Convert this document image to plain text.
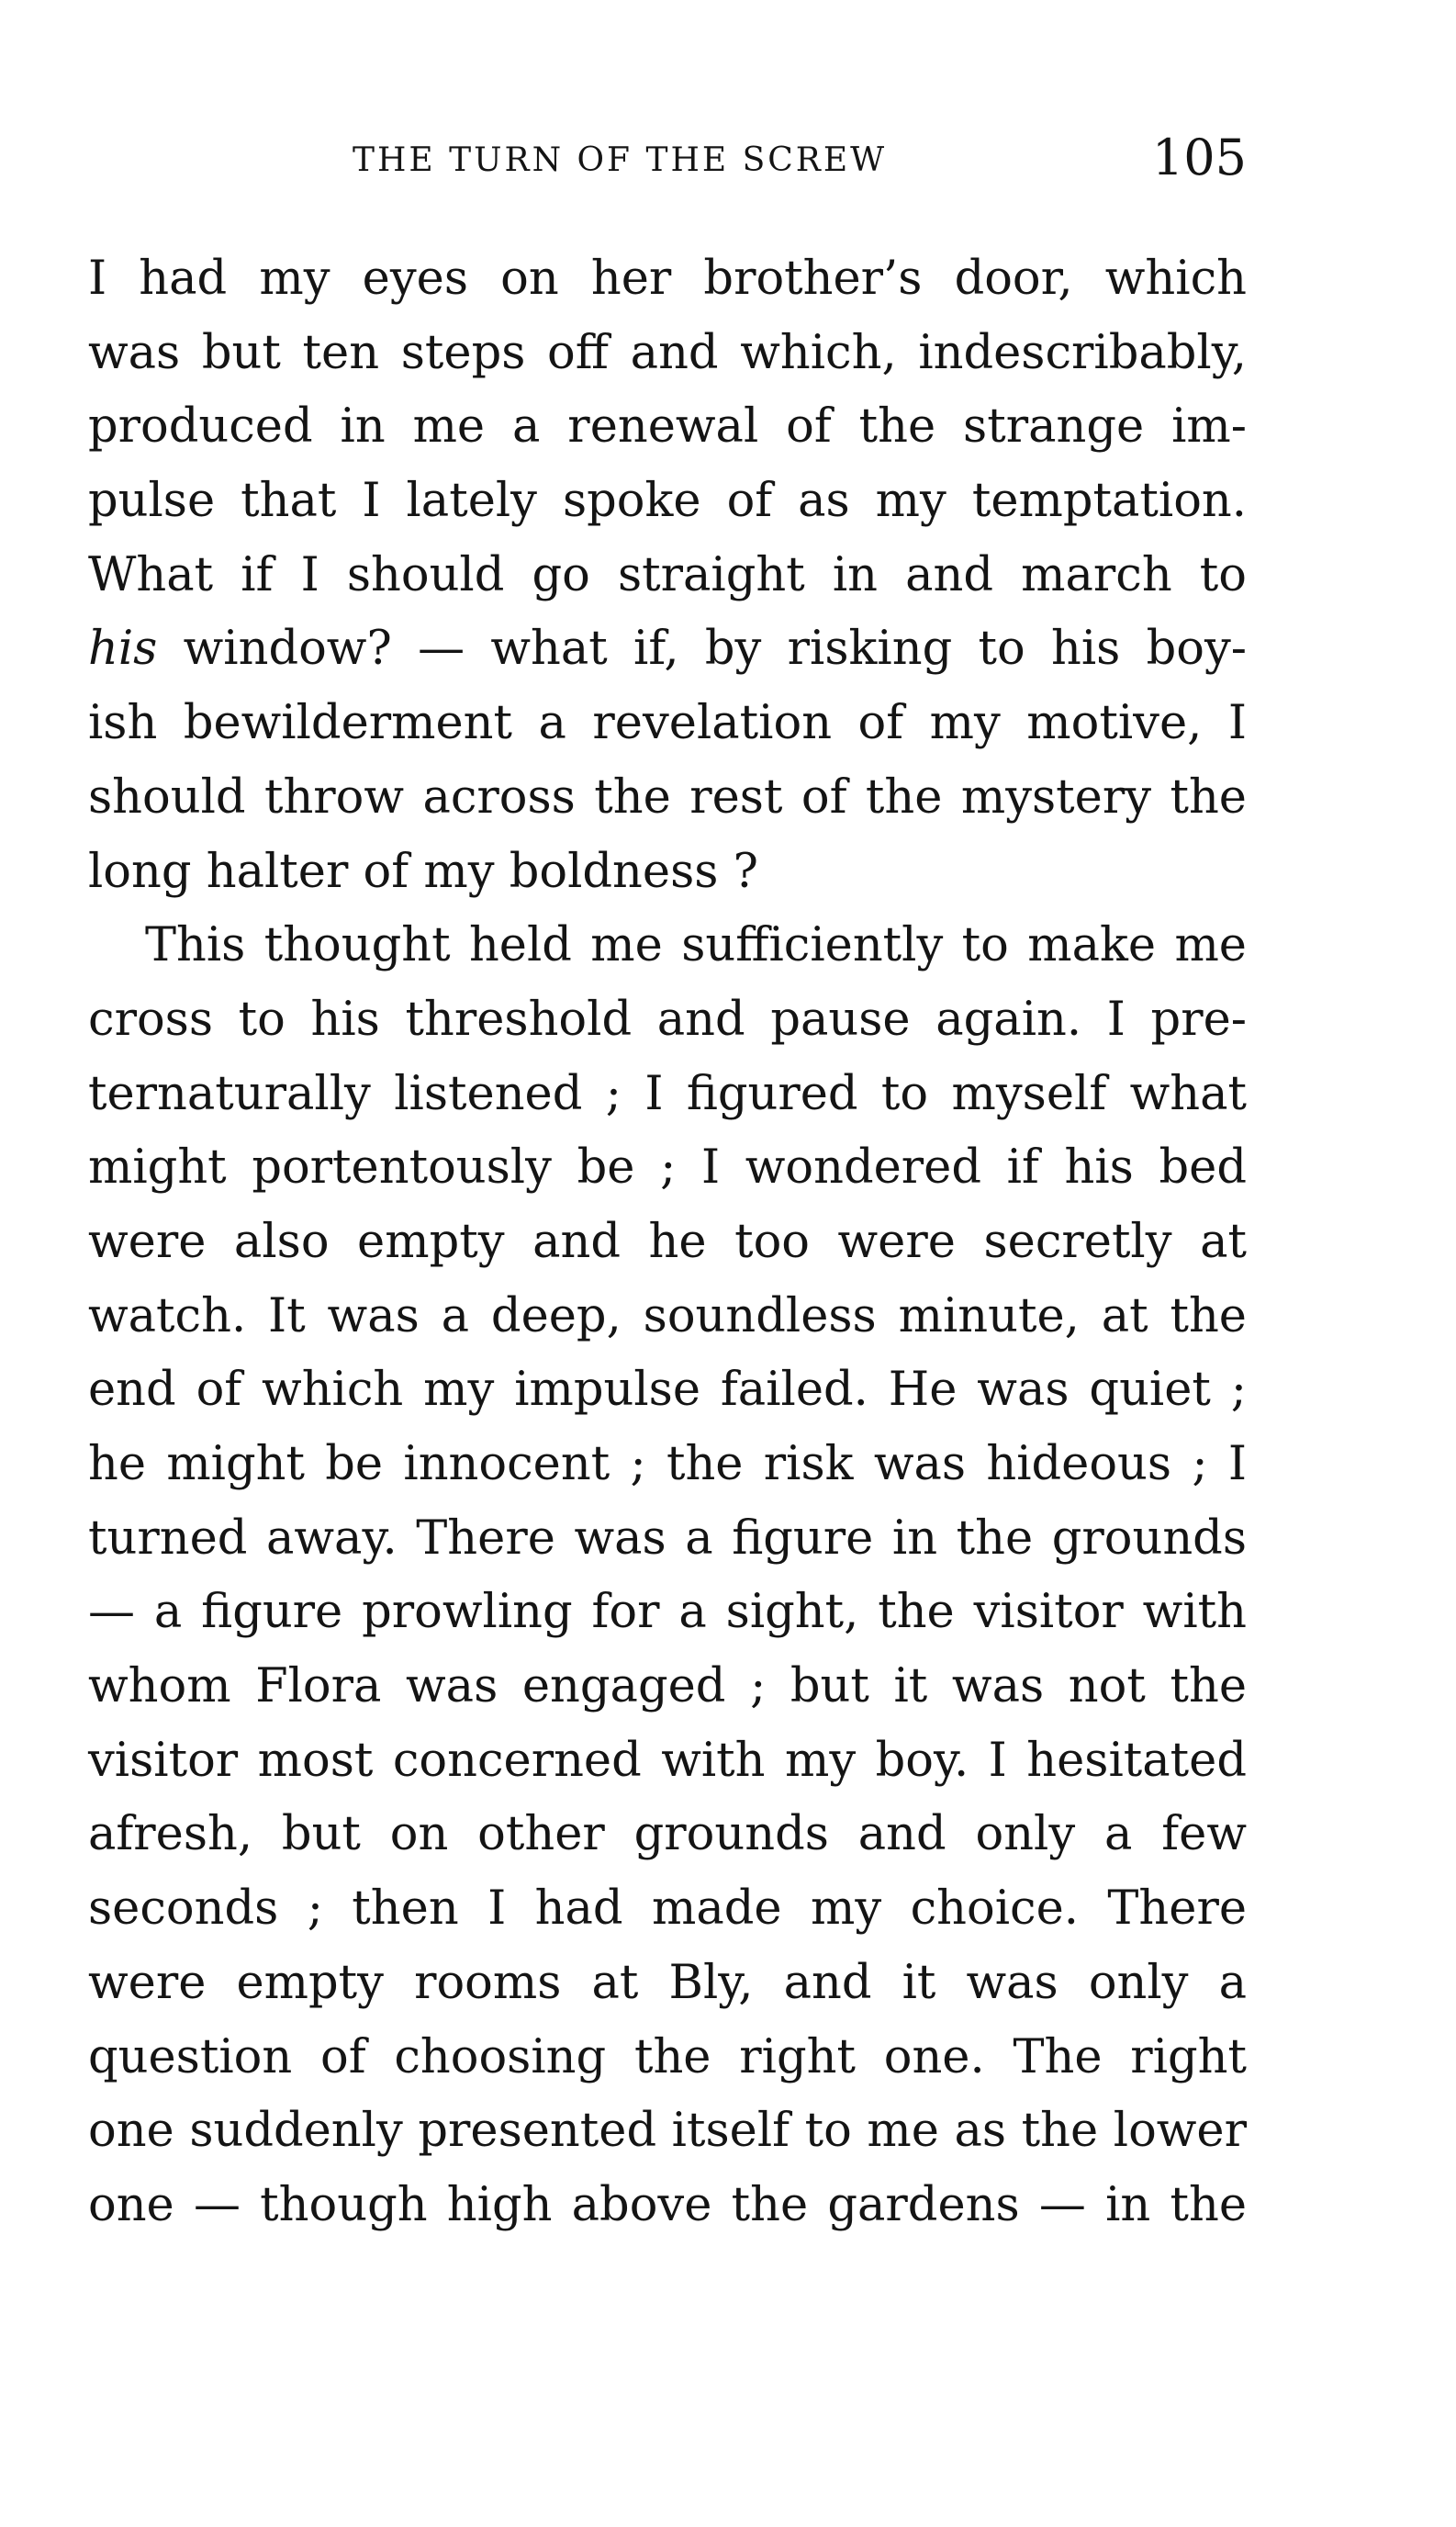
THE TURN OF THE SCREW	105
I had my eyes on her brother’s door, which
was but ten steps off and which, indescribably,
produced in me a renewal of the strange im-
pulse that I lately spoke of as my temptation.
What if I should go straight in and march to
his window? — what if, by risking to his boy-
ish bewilderment a revelation of my motive, I
should throw across the rest of the mystery the
long halter of my boldness ?
This thought held me sufficiently to make me
cross to his threshold and pause again. I pre-
ternaturally listened ; I figured to myself what
might portentously be ; I wondered if his bed
were also empty and he too were secretly at
watch. It was a deep, soundless minute, at the
end of which my impulse failed. He was quiet ;
he might be innocent ; the risk was hideous ; I
turned away. There was a figure in the grounds
— a figure prowling for a sight, the visitor with
whom Flora was engaged ; but it was not the
visitor most concerned with my boy. I hesitated
afresh, but on other grounds and only a few
seconds ; then I had made my choice. There
were empty rooms at Bly, and it was only a
question of choosing the right one. The right
one suddenly presented itself to me as the lower
one — though high above the gardens — in the
